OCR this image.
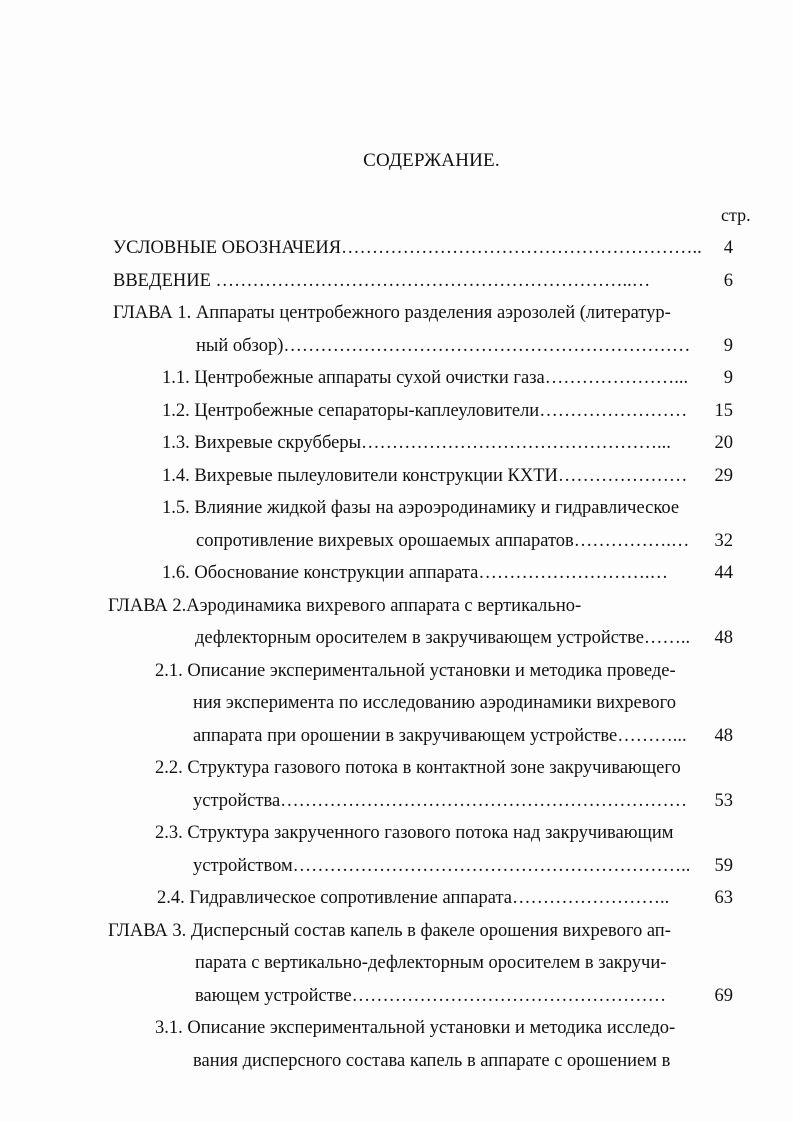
СОДЕРЖАНИЕ.
стр.
УСЛОВНЫЕ ОБОЗНАЧЕИЯ………………………………………………….. 4
ВВЕДЕНИЕ …………………………………………………………..…	6
ГЛАВА 1. Аппараты центробежного разделения аэрозолей (литератур-
ный обзор)………………………………………………………… 9
1.1. Центробежные аппараты сухой очистки газа…………………... 9
1.2. Центробежные сепараторы-каплеуловители…………………… 15
1.3. Вихревые скрубберы…………………………………………... 20
1.4. Вихревые пылеуловители конструкции КХТИ………………… 29
1.5. Влияние жидкой фазы на аэроэродинамику и гидравлическое
сопротивление вихревых орошаемых аппаратов…………….… 32
1.6. Обоснование конструкции аппарата……………………….…	44
ГЛАВА 2.Аэродинамика вихревого аппарата с вертикально-
дефлекторным оросителем в закручивающем устройстве…….. 48
2.1. Описание экспериментальной установки и методика проведе-
ния эксперимента по исследованию аэродинамики вихревого
аппарата при орошении в закручивающем устройстве………... 48
2.2. Структура газового потока в контактной зоне закручивающего
устройства………………………………………………………… 53
2.3. Структура закрученного газового потока над закручивающим
устройством……………………………………………………….. 59
2.4. Гидравлическое сопротивление аппарата…………………….. 63
ГЛАВА 3. Дисперсный состав капель в факеле орошения вихревого ап-
парата с вертикально-дефлекторным оросителем в закручи-
вающем устройстве……………………………………………	69
3.1. Описание экспериментальной установки и методика исследо-
вания дисперсного состава капель в аппарате с орошением в
